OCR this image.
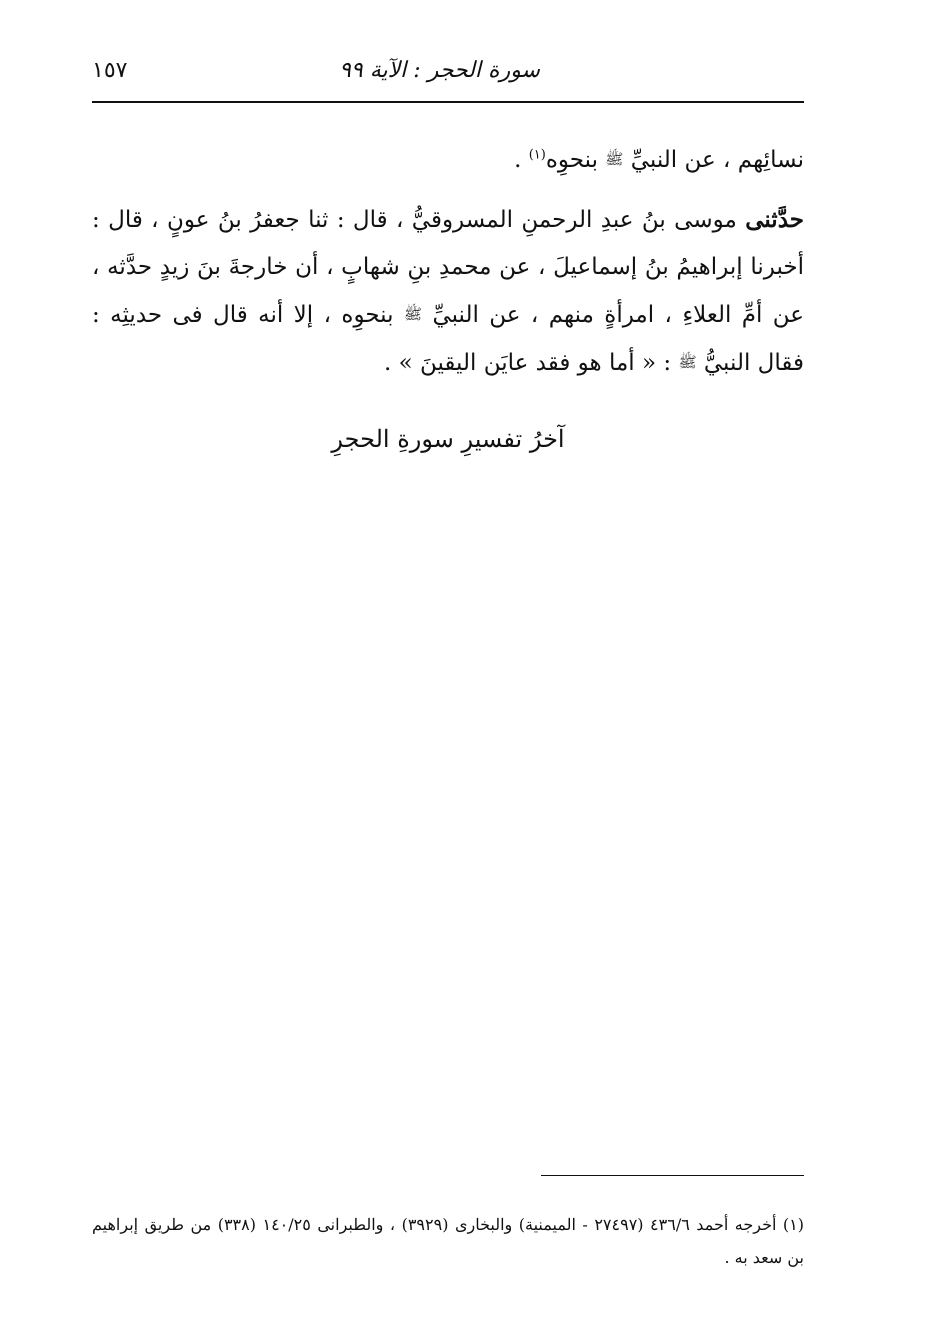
سورة الحجر : الآية ٩٩
١٥٧

نسائِهم ، عن النبيِّ ﷺ بنحوِه$^{(١)}$ .

حدَّثنى موسى بنُ عبدِ الرحمنِ المسروقيُّ ، قال : ثنا جعفرُ بنُ عونٍ ، قال : أخبرنا إبراهيمُ بنُ إسماعيلَ ، عن محمدِ بنِ شهابٍ ، أن خارجةَ بنَ زيدٍ حدَّثه ، عن أمِّ العلاءِ ، امرأةٍ منهم ، عن النبيِّ ﷺ بنحوِه ، إلا أنه قال فى حديثِه : فقال النبيُّ ﷺ : « أما هو فقد عايَن اليقينَ » .

آخرُ تفسيرِ سورةِ الحجرِ

(١) أخرجه أحمد ٤٣٦/٦ (٢٧٤٩٧ - الميمنية) والبخارى (٣٩٢٩) ، والطبرانى ١٤٠/٢٥ (٣٣٨) من طريق إبراهيم بن سعد به .
